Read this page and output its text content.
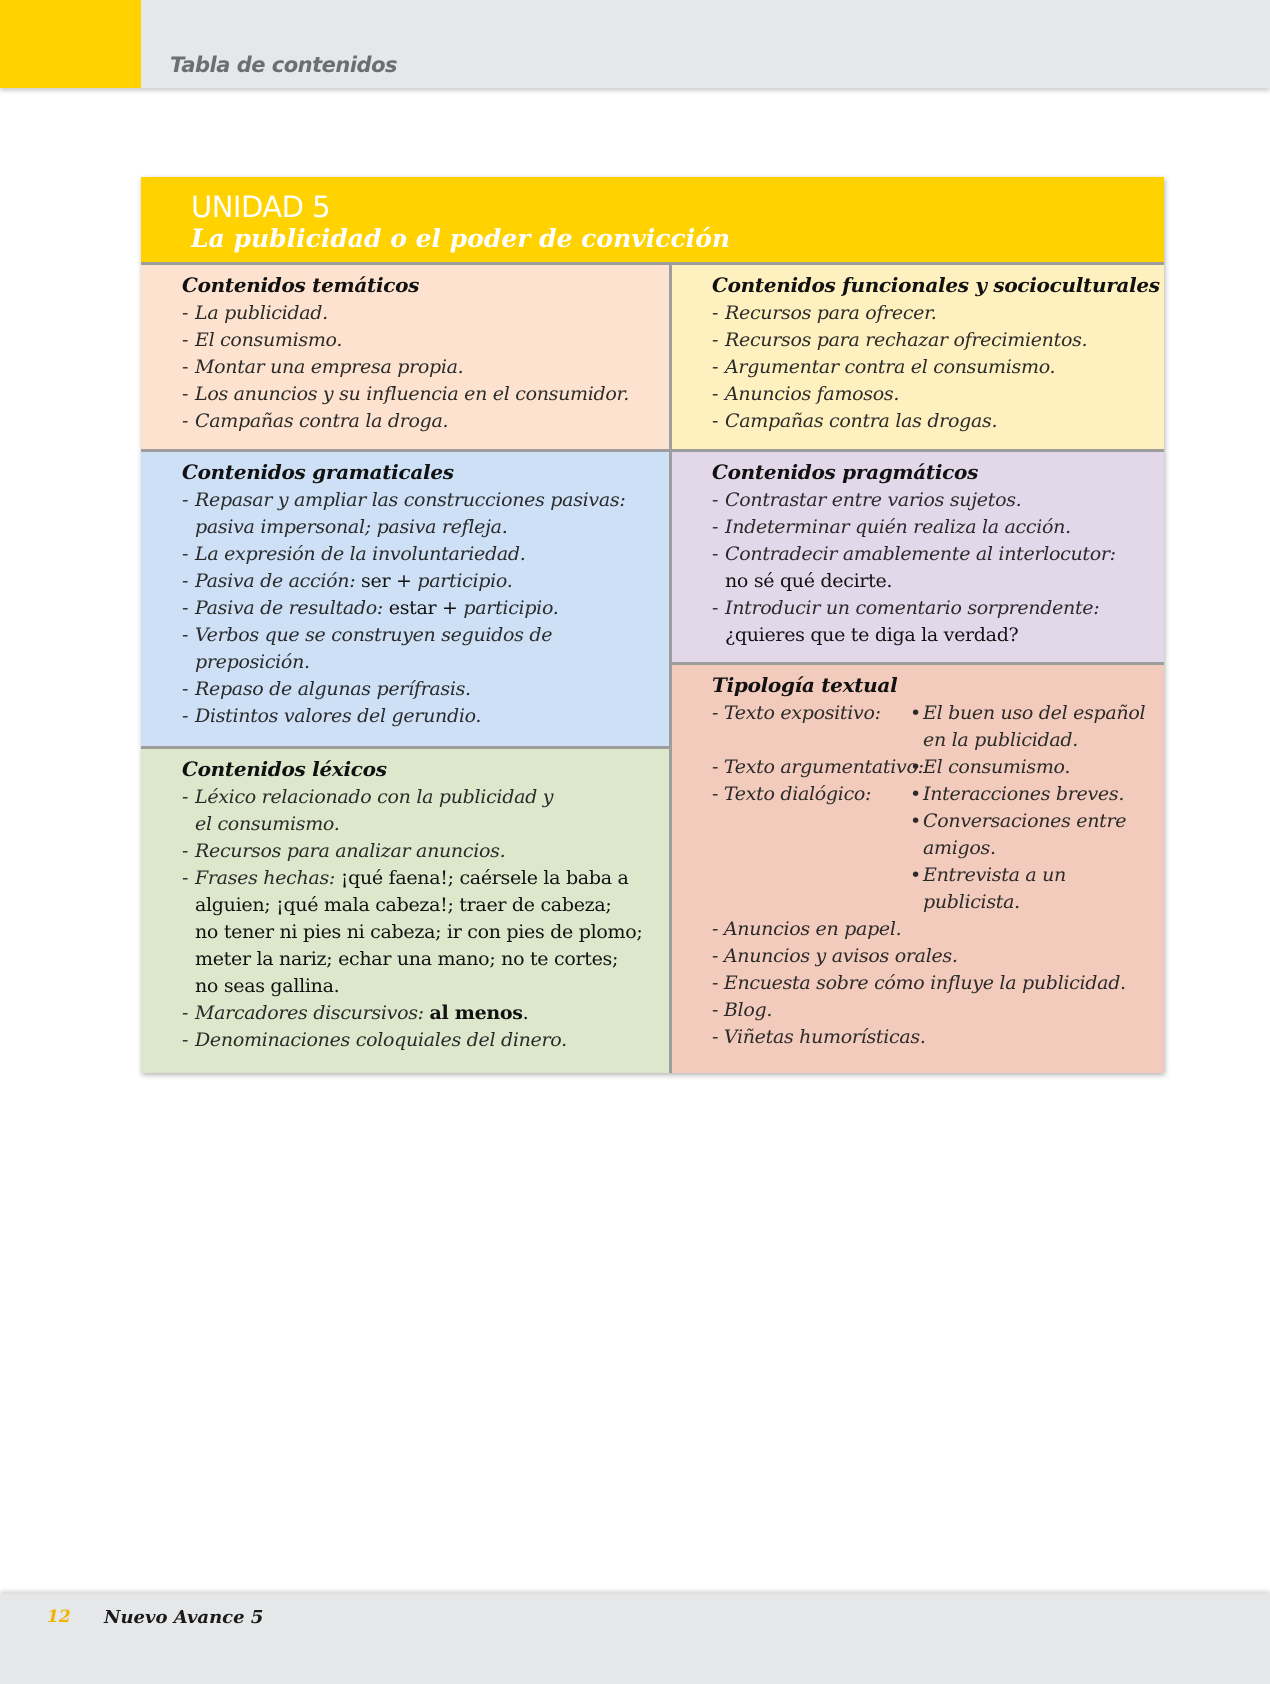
Tabla de contenidos
UNIDAD 5
La publicidad o el poder de convicción
Contenidos temáticos
- La publicidad.
- El consumismo.
- Montar una empresa propia.
- Los anuncios y su influencia en el consumidor.
- Campañas contra la droga.
Contenidos funcionales y socioculturales
- Recursos para ofrecer.
- Recursos para rechazar ofrecimientos.
- Argumentar contra el consumismo.
- Anuncios famosos.
- Campañas contra las drogas.
Contenidos gramaticales
- Repasar y ampliar las construcciones pasivas:
pasiva impersonal; pasiva refleja.
- La expresión de la involuntariedad.
- Pasiva de acción: ser + participio.
- Pasiva de resultado: estar + participio.
- Verbos que se construyen seguidos de
preposición.
- Repaso de algunas perífrasis.
- Distintos valores del gerundio.
Contenidos pragmáticos
- Contrastar entre varios sujetos.
- Indeterminar quién realiza la acción.
- Contradecir amablemente al interlocutor:
no sé qué decirte.
- Introducir un comentario sorprendente:
¿quieres que te diga la verdad?
Contenidos léxicos
- Léxico relacionado con la publicidad y
el consumismo.
- Recursos para analizar anuncios.
- Frases hechas: ¡qué faena!; caérsele la baba a
alguien; ¡qué mala cabeza!; traer de cabeza;
no tener ni pies ni cabeza; ir con pies de plomo;
meter la nariz; echar una mano; no te cortes;
no seas gallina.
- Marcadores discursivos: al menos.
- Denominaciones coloquiales del dinero.
Tipología textual
- Texto expositivo: • El buen uso del español
en la publicidad.
- Texto argumentativo: • El consumismo.
- Texto dialógico:	• Interacciones breves.
• Conversaciones entre
amigos.
• Entrevista a un
publicista.
- Anuncios en papel.
- Anuncios y avisos orales.
- Encuesta sobre cómo influye la publicidad.
- Blog.
- Viñetas humorísticas.
12 Nuevo Avance 5
